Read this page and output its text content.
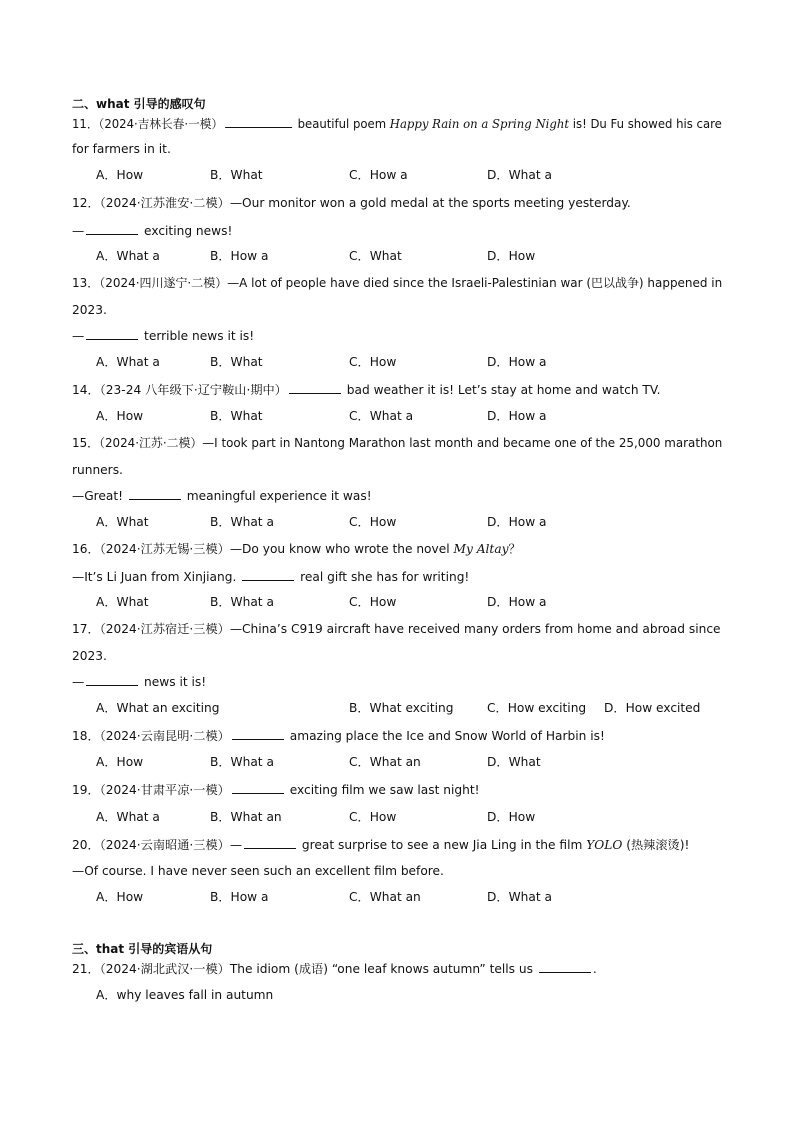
二、what 引导的感叹句
11．（2024·吉林长春·一模）	beautiful poem Happy Rain on a Spring Night is! Du Fu showed his care
for farmers in it.
A．How	B．What	C．How a	D．What a
12．（2024·江苏淮安·二模）—Our monitor won a gold medal at the sports meeting yesterday.
—	exciting news!
A．What a	B．How a	C．What	D．How
13．（2024·四川遂宁·二模）—A lot of people have died since the Israeli-Palestinian war (巴以战争) happened in
2023.
—	terrible news it is!
A．What a	B．What	C．How	D．How a
14．（23-24 八年级下·辽宁鞍山·期中）	bad weather it is! Let’s stay at home and watch TV.
A．How	B．What	C．What a	D．How a
15．（2024·江苏·二模）—I took part in Nantong Marathon last month and became one of the 25,000 marathon
runners.
—Great!	meaningful experience it was!
A．What	B．What a	C．How	D．How a
16．（2024·江苏无锡·三模）—Do you know who wrote the novel My Altay？
—It’s Li Juan from Xinjiang.	real gift she has for writing!
A．What	B．What a	C．How	D．How a
17．（2024·江苏宿迁·三模）—China’s C919 aircraft have received many orders from home and abroad since
2023.
—	news it is!
A．What an exciting	B．What exciting	C．How exciting D．How excited
18．（2024·云南昆明·二模）	amazing place the Ice and Snow World of Harbin is!
A．How	B．What a	C．What an	D．What
19．（2024·甘肃平凉·一模）	exciting film we saw last night!
A．What a	B．What an	C．How	D．How
20．（2024·云南昭通·三模）—	great surprise to see a new Jia Ling in the film YOLO (热辣滚烫)!
—Of course. I have never seen such an excellent film before.
A．How	B．How a	C．What an	D．What a
三、that 引导的宾语从句
21．（2024·湖北武汉·一模）The idiom (成语) “one leaf knows autumn” tells us	.
A．why leaves fall in autumn
